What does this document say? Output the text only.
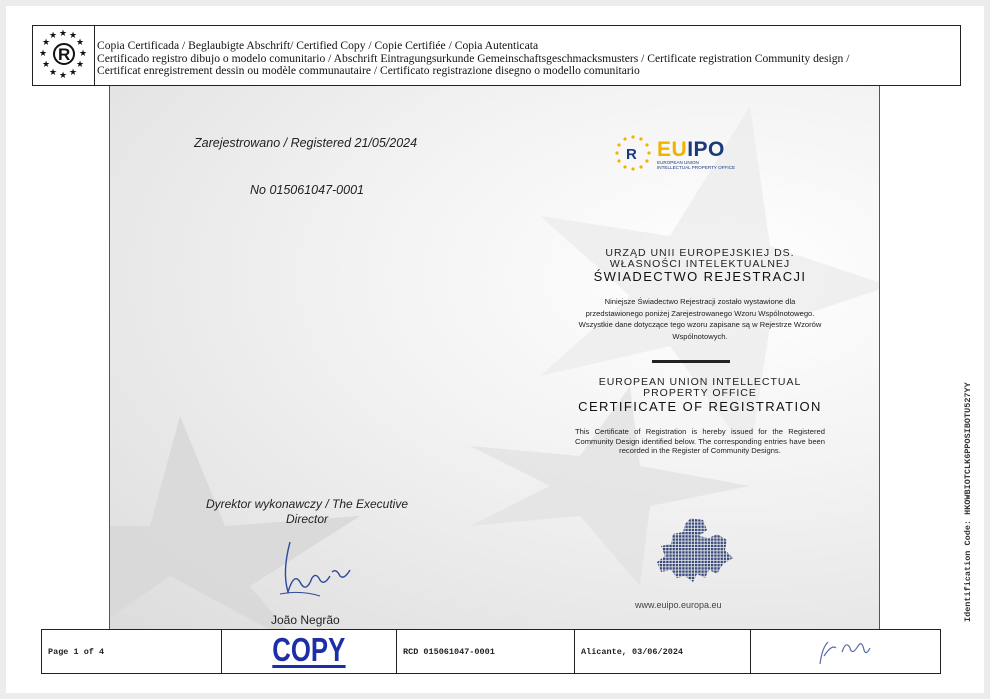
★ ★
★
★
★
★
★
★
★
★
★
★
R Copia Certificada / Beglaubigte Abschrift/ Certified Copy / Copie Certifiée / Copia Autenticata
Certificado registro dibujo o modelo comunitario / Abschrift Eintragungsurkunde Gemeinschaftsgeschmacksmusters / Certificate registration Community design /
Certificat enregistrement dessin ou modèle communautaire / Certificato registrazione disegno o modello comunitario
Zarejestrowano / Registered 21/05/2024
No 015061047-0001
R EUIPO
EUROPEAN UNION
INTELLECTUAL PROPERTY OFFICE
URZĄD UNII EUROPEJSKIEJ DS.
WŁASNOŚCI INTELEKTUALNEJ
ŚWIADECTWO REJESTRACJI
Niniejsze Świadectwo Rejestracji zostało wystawione dla przedstawionego poniżej Zarejestrowanego Wzoru Wspólnotowego. Wszystkie dane dotyczące tego wzoru zapisane są w Rejestrze Wzorów Wspólnotowych.
EUROPEAN UNION INTELLECTUAL
PROPERTY OFFICE
CERTIFICATE OF REGISTRATION
This Certificate of Registration is hereby issued for the Registered Community Design identified below. The corresponding entries have been recorded in the Register of Community Designs.
Dyrektor wykonawczy / The Executive
Director
João Negrão
www.euipo.europa.eu	Identification Code: HKOWBIOTCLK6PPOSIBOTU527YY
Page 1 of 4	COPY	RCD 015061047-0001	Alicante, 03/06/2024
